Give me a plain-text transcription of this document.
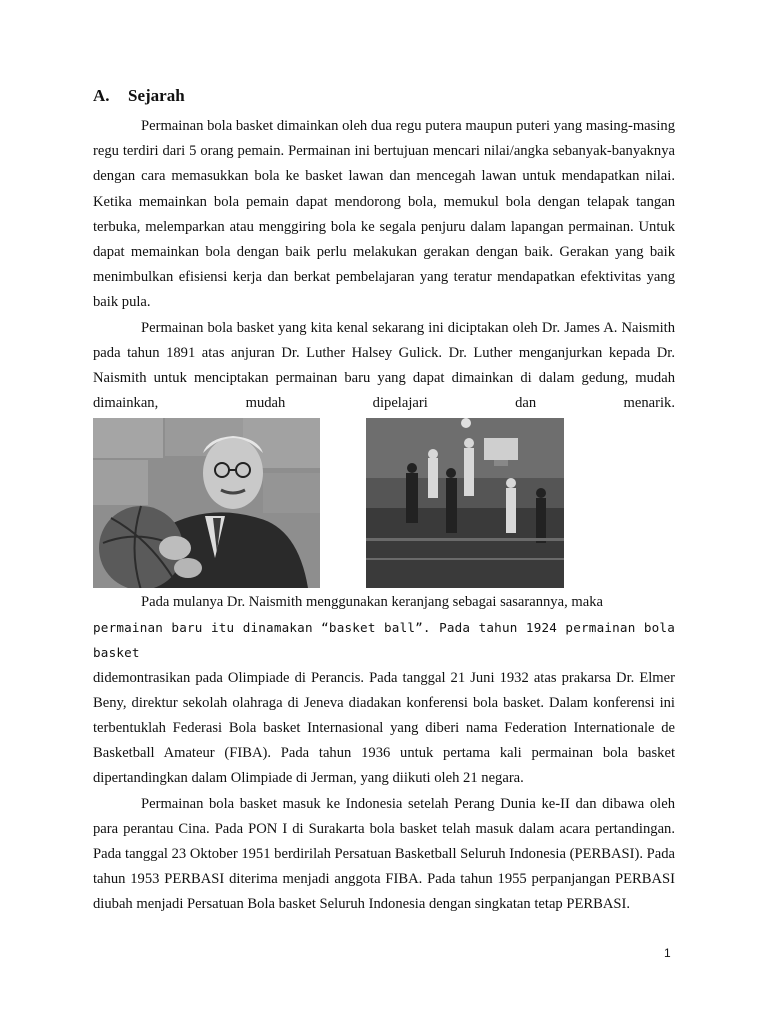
A. Sejarah

Permainan bola basket dimainkan oleh dua regu putera maupun puteri yang masing-masing regu terdiri dari 5 orang pemain. Permainan ini bertujuan mencari nilai/angka sebanyak-banyaknya dengan cara memasukkan bola ke basket lawan dan mencegah lawan untuk mendapatkan nilai. Ketika memainkan bola pemain dapat mendorong bola, memukul bola dengan telapak tangan terbuka, melemparkan atau menggiring bola ke segala penjuru dalam lapangan permainan. Untuk dapat memainkan bola dengan baik perlu melakukan gerakan dengan baik. Gerakan yang baik menimbulkan efisiensi kerja dan berkat pembelajaran yang teratur mendapatkan efektivitas yang baik pula.

Permainan bola basket yang kita kenal sekarang ini diciptakan oleh Dr. James A. Naismith pada tahun 1891 atas anjuran Dr. Luther Halsey Gulick. Dr. Luther menganjurkan kepada Dr. Naismith untuk menciptakan permainan baru yang dapat dimainkan di dalam gedung, mudah dimainkan, mudah dipelajari dan menarik.

Pada mulanya Dr. Naismith menggunakan keranjang sebagai sasarannya, maka

permainan baru itu dinamakan “basket ball”. Pada tahun 1924 permainan bola basket

didemontrasikan pada Olimpiade di Perancis. Pada tanggal 21 Juni 1932 atas prakarsa Dr. Elmer Beny, direktur sekolah olahraga di Jeneva diadakan konferensi bola basket. Dalam konferensi ini terbentuklah Federasi Bola basket Internasional yang diberi nama Federation Internationale de Basketball Amateur (FIBA). Pada tahun 1936 untuk pertama kali permainan bola basket dipertandingkan dalam Olimpiade di Jerman, yang diikuti oleh 21 negara.

Permainan bola basket masuk ke Indonesia setelah Perang Dunia ke-II dan dibawa oleh para perantau Cina. Pada PON I di Surakarta bola basket telah masuk dalam acara pertandingan. Pada tanggal 23 Oktober 1951 berdirilah Persatuan Basketball Seluruh Indonesia (PERBASI). Pada tahun 1953 PERBASI diterima menjadi anggota FIBA. Pada tahun 1955 perpanjangan PERBASI diubah menjadi Persatuan Bola basket Seluruh Indonesia dengan singkatan tetap PERBASI.

1
